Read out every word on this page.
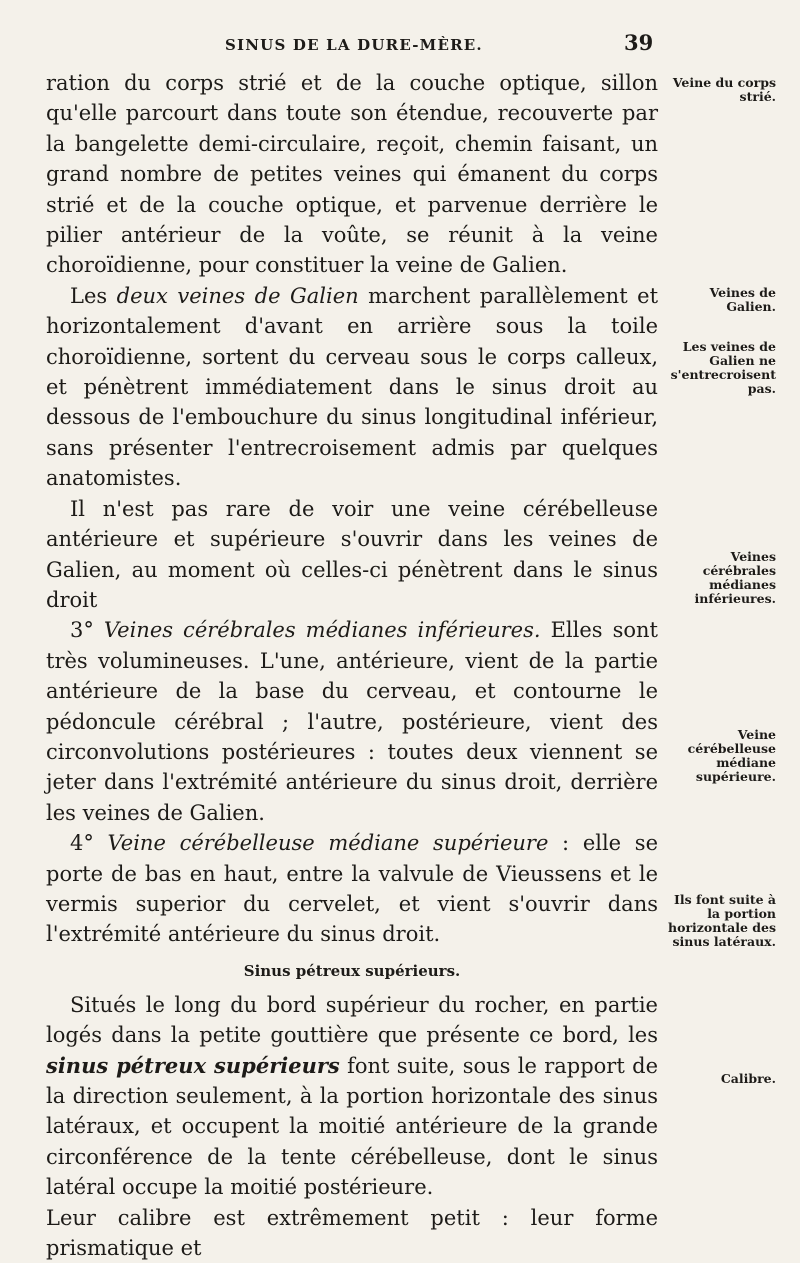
SINUS DE LA DURE-MÈRE.	39

ration du corps strié et de la couche optique, sillon qu'elle parcourt dans toute son étendue, recouverte par la bangelette demi-circulaire, reçoit, chemin faisant, un grand nombre de petites veines qui émanent du corps strié et de la couche optique, et parvenue derrière le pilier antérieur de la voûte, se réunit à la veine choroïdienne, pour constituer la veine de Galien.

Les deux veines de Galien marchent parallèlement et horizontalement d'avant en arrière sous la toile choroïdienne, sortent du cerveau sous le corps calleux, et pénètrent immédiatement dans le sinus droit au dessous de l'embouchure du sinus longitudinal inférieur, sans présenter l'entrecroisement admis par quelques anatomistes.

Il n'est pas rare de voir une veine cérébelleuse antérieure et supérieure s'ouvrir dans les veines de Galien, au moment où celles-ci pénètrent dans le sinus droit

3° Veines cérébrales médianes inférieures. Elles sont très volumineuses. L'une, antérieure, vient de la partie antérieure de la base du cerveau, et contourne le pédoncule cérébral ; l'autre, postérieure, vient des circonvolutions postérieures : toutes deux viennent se jeter dans l'extrémité antérieure du sinus droit, derrière les veines de Galien.

4° Veine cérébelleuse médiane supérieure : elle se porte de bas en haut, entre la valvule de Vieussens et le vermis superior du cervelet, et vient s'ouvrir dans l'extrémité antérieure du sinus droit.

Sinus pétreux supérieurs.

Situés le long du bord supérieur du rocher, en partie logés dans la petite gouttière que présente ce bord, les sinus pétreux supérieurs font suite, sous le rapport de la direction seulement, à la portion horizontale des sinus latéraux, et occupent la moitié antérieure de la grande circonférence de la tente cérébelleuse, dont le sinus latéral occupe la moitié postérieure.

Leur calibre est extrêmement petit : leur forme prismatique et

Veine du corps strié.
Veines de Galien.
Les veines de Galien ne s'entrecroisent pas.
Veines cérébrales médianes inférieures.
Veine cérébelleuse médiane supérieure.
Ils font suite à la portion horizontale des sinus latéraux.
Calibre.
